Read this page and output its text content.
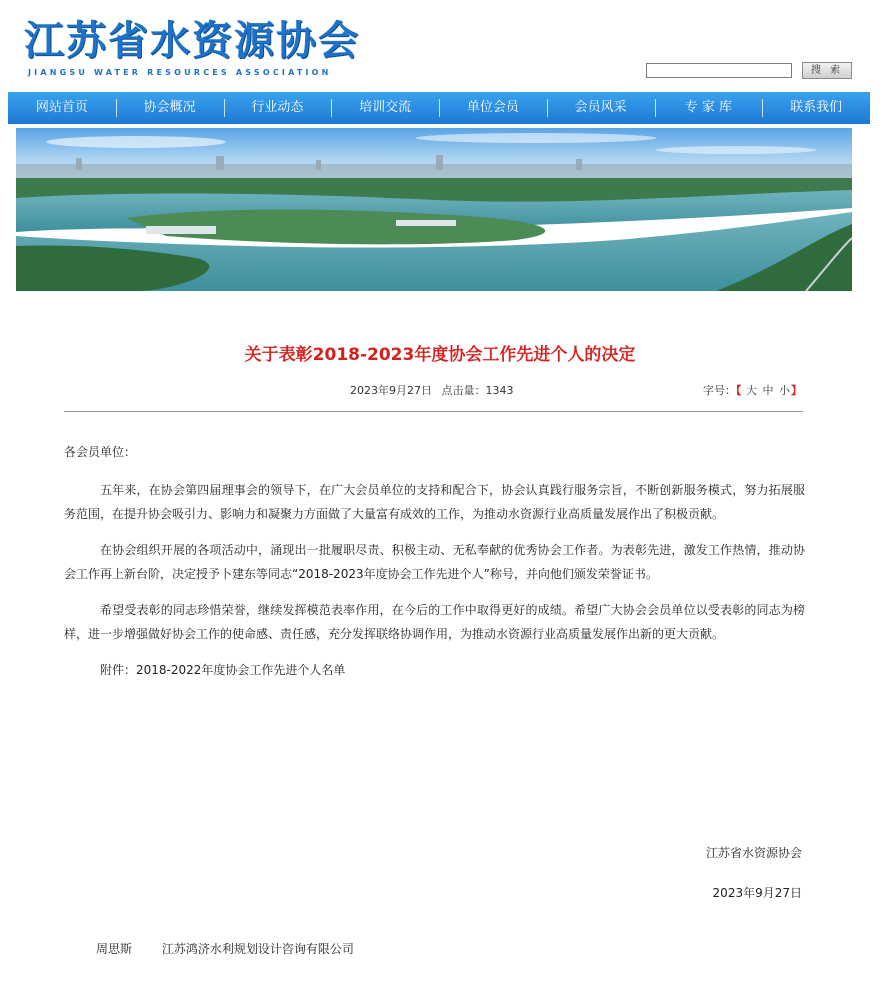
江苏省水资源协会
JIANGSU WATER RESOURCES ASSOCIATION	搜 索
网站首页	协会概况	行业动态	培训交流	单位会员	会员风采	专 家 库	联系我们
关于表彰2018-2023年度协会工作先进个人的决定
2023年9月27日 点击量：1343	字号：【 大 中 小】

各会员单位：

五年来，在协会第四届理事会的领导下，在广大会员单位的支持和配合下，协会认真践行服务宗旨，不断创新服务模式，努力拓展服务范围，在提升协会吸引力、影响力和凝聚力方面做了大量富有成效的工作，为推动水资源行业高质量发展作出了积极贡献。

在协会组织开展的各项活动中，涌现出一批履职尽责、积极主动、无私奉献的优秀协会工作者。为表彰先进，激发工作热情，推动协会工作再上新台阶，决定授予卜建东等同志“2018-2023年度协会工作先进个人”称号，并向他们颁发荣誉证书。

希望受表彰的同志珍惜荣誉，继续发挥模范表率作用，在今后的工作中取得更好的成绩。希望广大协会会员单位以受表彰的同志为榜样，进一步增强做好协会工作的使命感、责任感，充分发挥联络协调作用，为推动水资源行业高质量发展作出新的更大贡献。

附件：2018-2022年度协会工作先进个人名单

江苏省水资源协会
2023年9月27日
周思斯 江苏鸿济水利规划设计咨询有限公司
